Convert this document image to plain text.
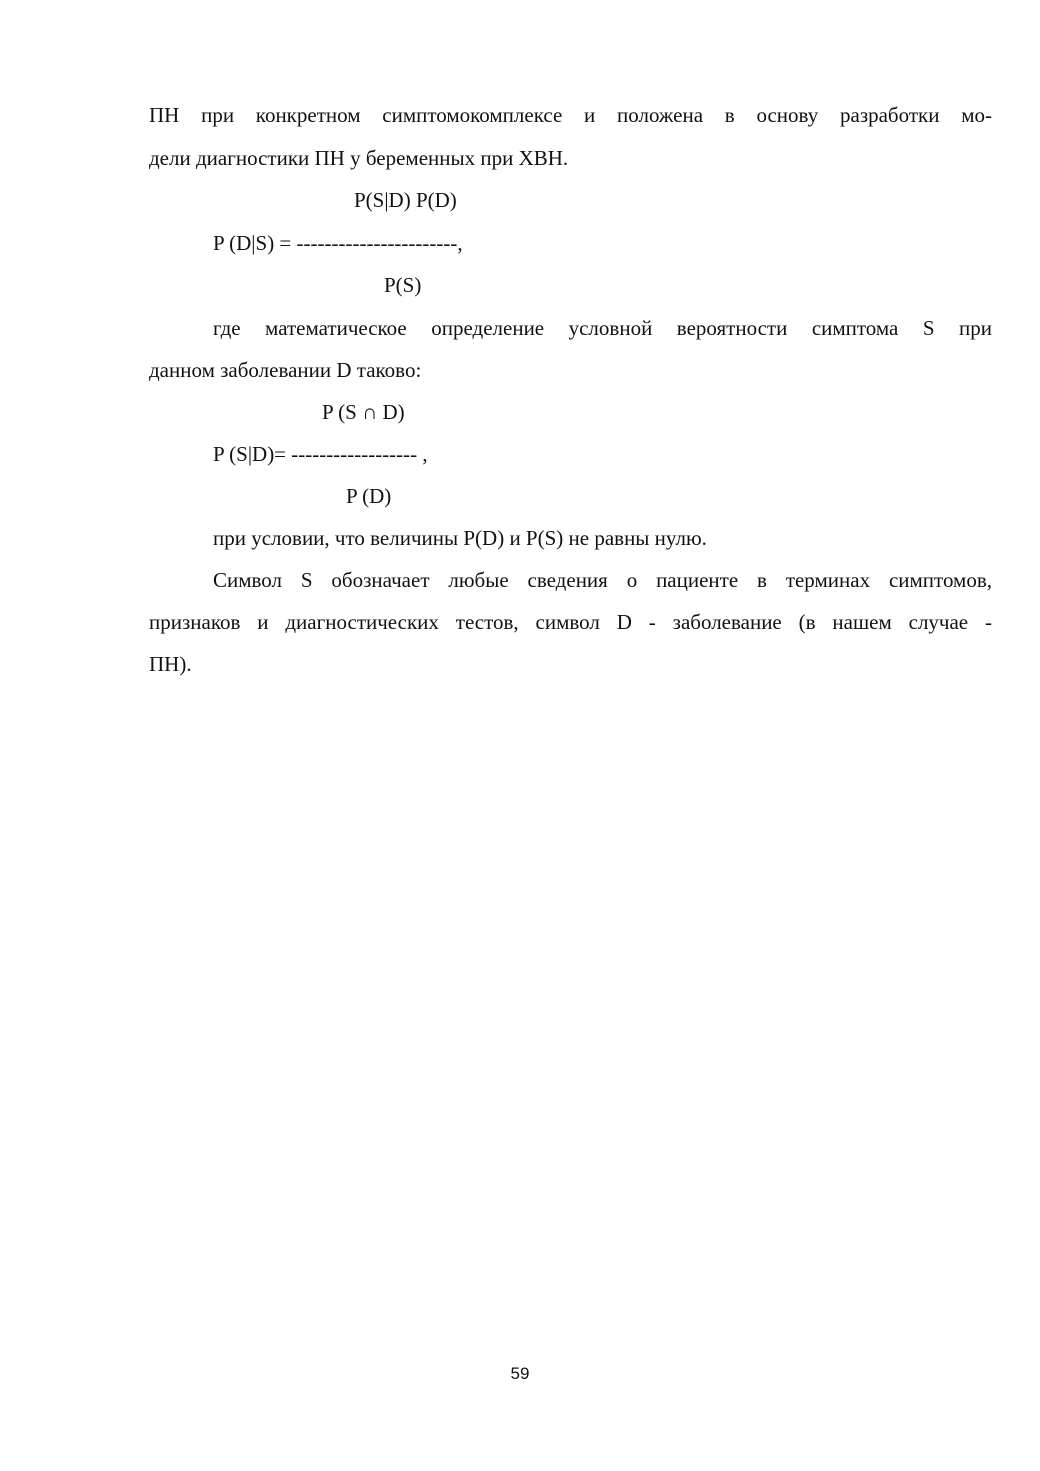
ПН при конкретном симптомокомплексе и положена в основу разработки мо-
дели диагностики ПН у беременных при ХВН.
P(S|D) P(D)
P (D|S) = -----------------------,
P(S)
где математическое определение условной вероятности симптома S при
данном заболевании D таково:
P (S ∩ D)
P (S|D)= ------------------ ,
P (D)
при условии, что величины P(D) и P(S) не равны нулю.
Символ S обозначает любые сведения о пациенте в терминах симптомов,
признаков и диагностических тестов, символ D - заболевание (в нашем случае -
ПН).
59
